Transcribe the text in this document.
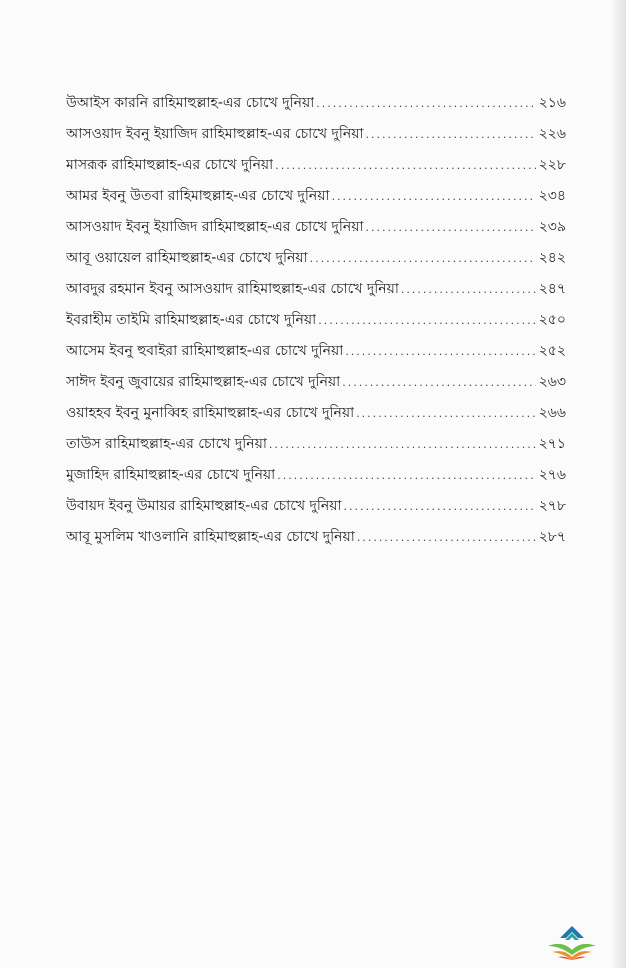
উআইস কারনি রাহিমাহুল্লাহ-এর চোখে দুনিয়া .....	২১৬
আসওয়াদ ইবনু ইয়াজিদ রাহিমাহুল্লাহ-এর চোখে দুনিয়া .....	২২৬
মাসরূক রাহিমাহুল্লাহ-এর চোখে দুনিয়া .....	২২৮
আমর ইবনু উতবা রাহিমাহুল্লাহ-এর চোখে দুনিয়া .....	২৩৪
আসওয়াদ ইবনু ইয়াজিদ রাহিমাহুল্লাহ-এর চোখে দুনিয়া .....	২৩৯
আবূ ওয়ায়েল রাহিমাহুল্লাহ-এর চোখে দুনিয়া .....	২৪২
আবদুর রহমান ইবনু আসওয়াদ রাহিমাহুল্লাহ-এর চোখে দুনিয়া .....	২৪৭
ইবরাহীম তাইমি রাহিমাহুল্লাহ-এর চোখে দুনিয়া .....	২৫০
আসেম ইবনু হুবাইরা রাহিমাহুল্লাহ-এর চোখে দুনিয়া .....	২৫২
সাঈদ ইবনু জুবায়ের রাহিমাহুল্লাহ-এর চোখে দুনিয়া .....	২৬৩
ওয়াহহব ইবনু মুনাব্বিহ রাহিমাহুল্লাহ-এর চোখে দুনিয়া .....	২৬৬
তাউস রাহিমাহুল্লাহ-এর চোখে দুনিয়া .....	২৭১
মুজাহিদ রাহিমাহুল্লাহ-এর চোখে দুনিয়া .....	২৭৬
উবায়দ ইবনু উমায়র রাহিমাহুল্লাহ-এর চোখে দুনিয়া .....	২৭৮
আবূ মুসলিম খাওলানি রাহিমাহুল্লাহ-এর চোখে দুনিয়া .....	২৮৭
